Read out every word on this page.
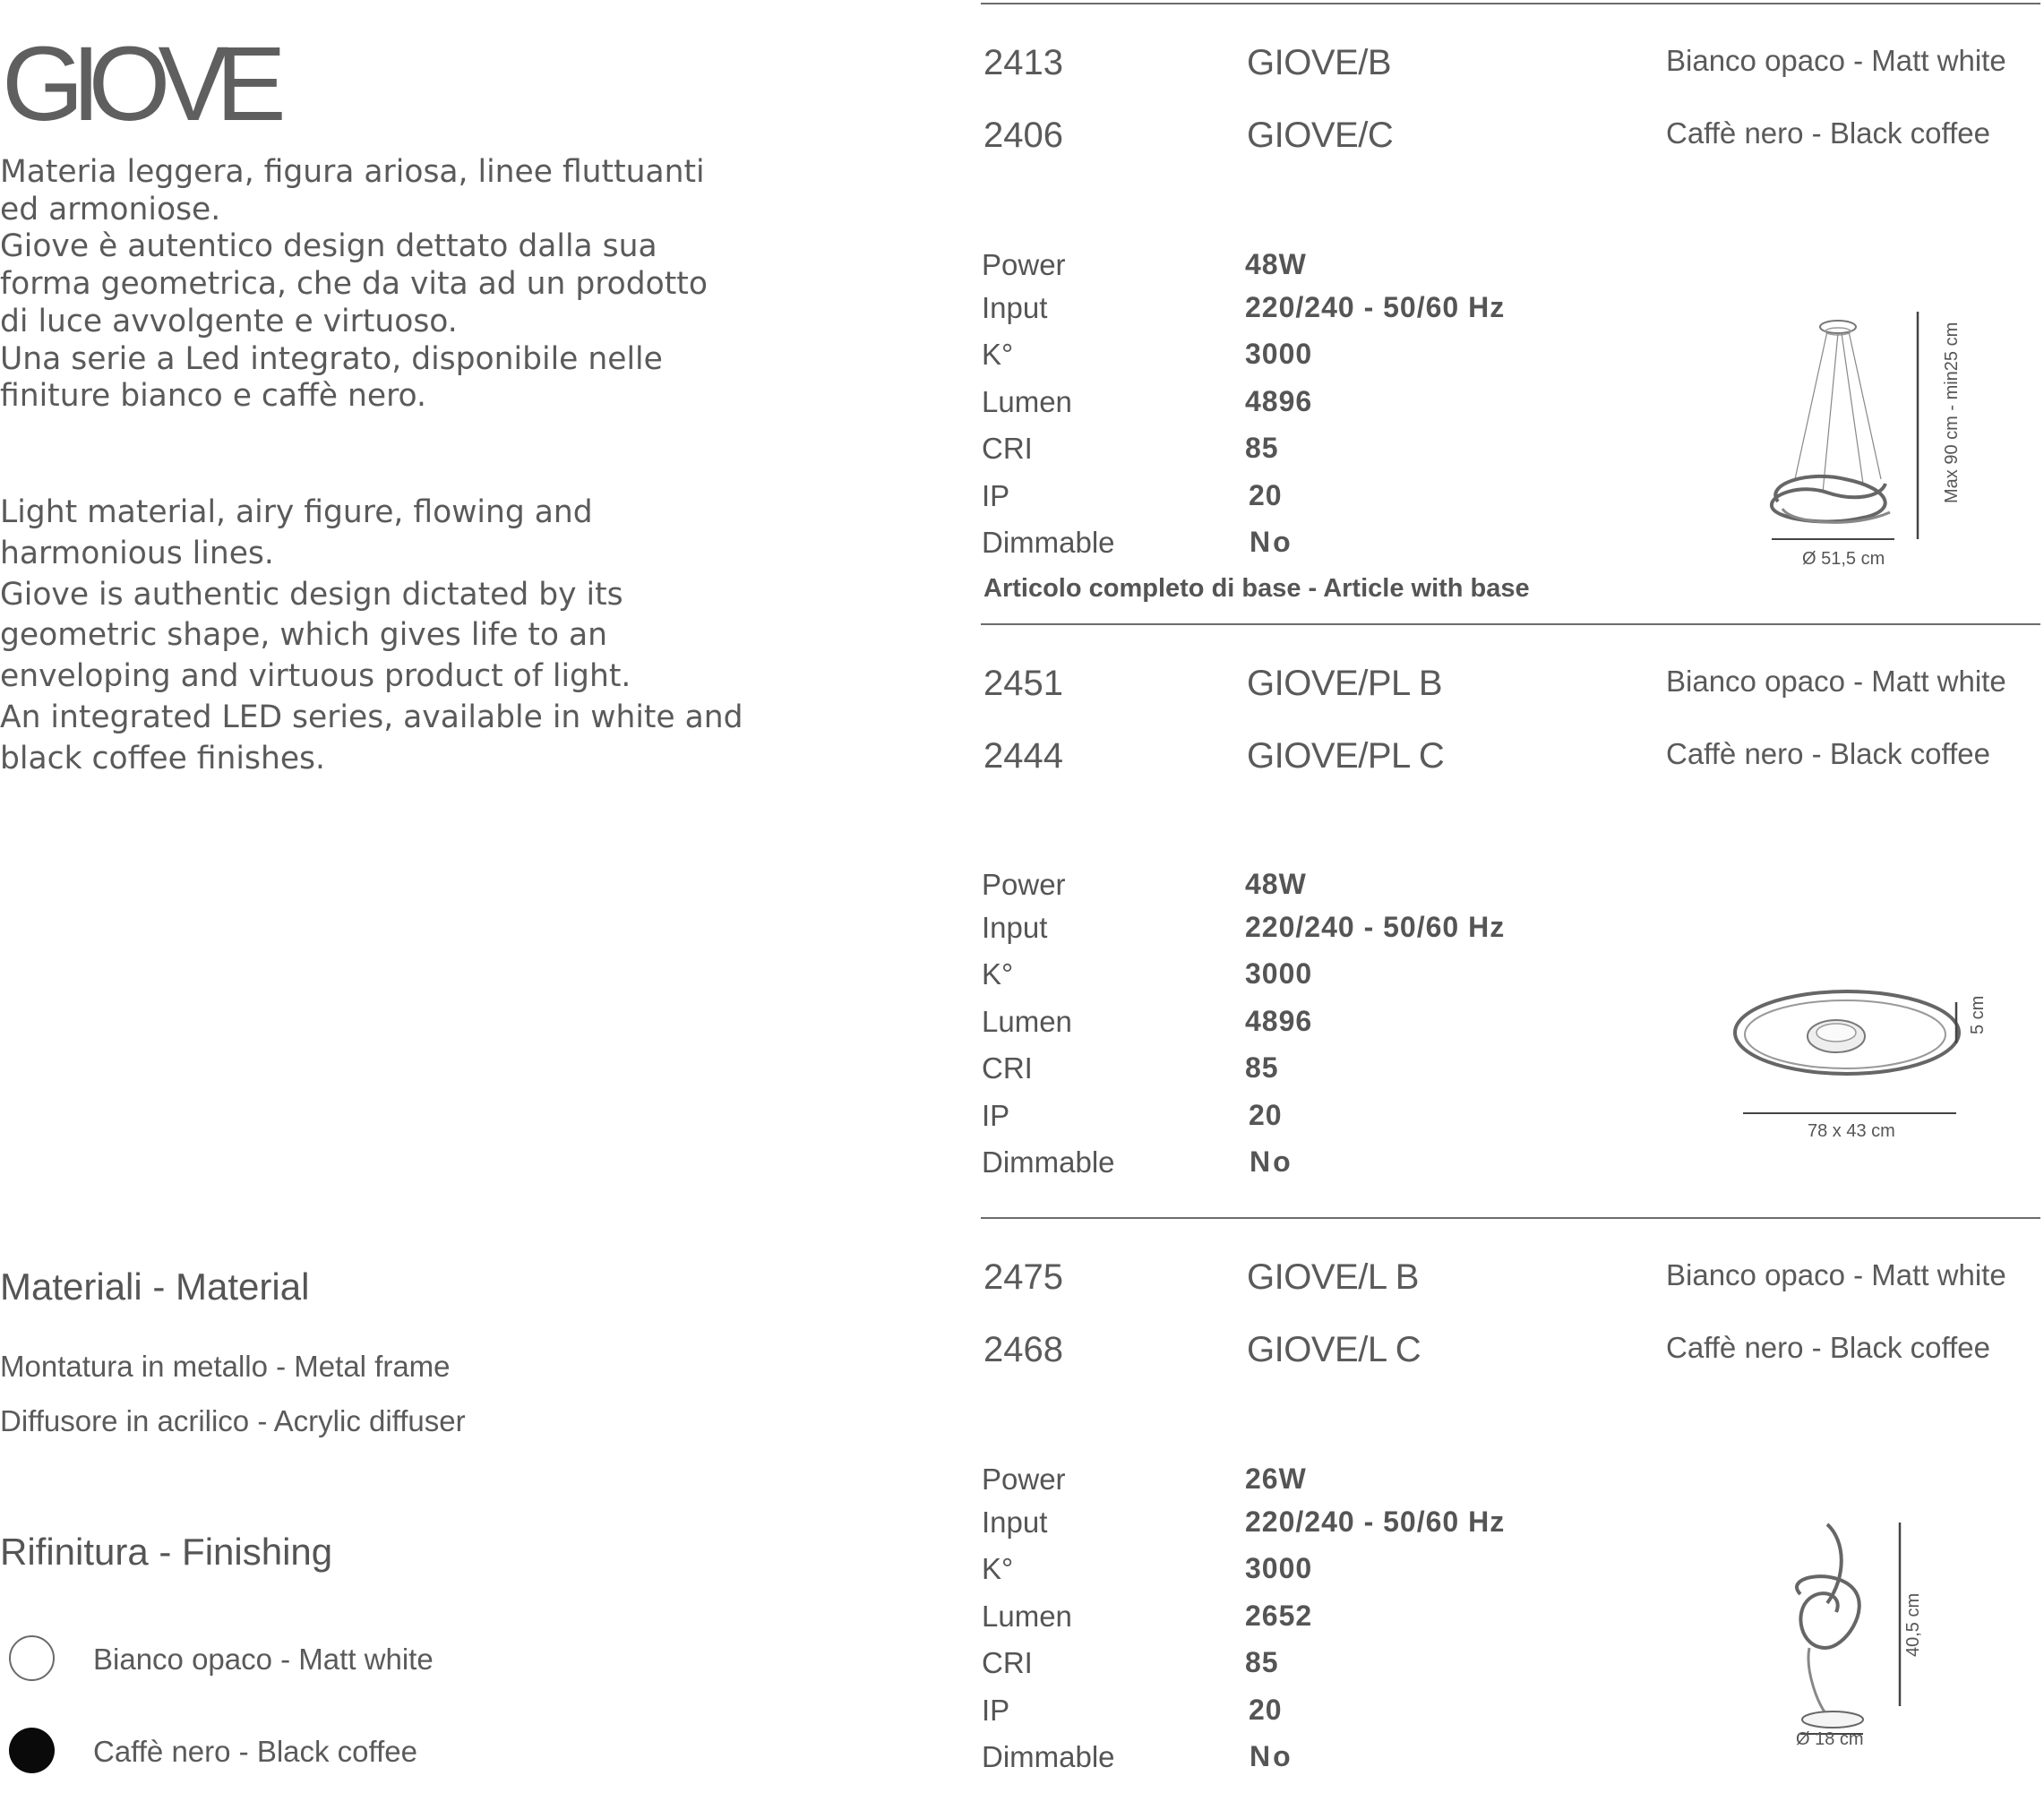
GIOVE

Materia leggera, figura ariosa, linee fluttuanti ed armoniose.

Giove è autentico design dettato dalla sua forma geometrica, che da vita ad un prodotto di luce avvolgente e virtuoso.

Una serie a Led integrato, disponibile nelle finiture bianco e caffè nero.

Light material, airy figure, flowing and harmonious lines.

Giove is authentic design dictated by its geometric shape, which gives life to an enveloping and virtuous product of light.

An integrated LED series, available in white and black coffee finishes.

Materiali - Material
Montatura in metallo - Metal frame
Diffusore in acrilico - Acrylic diffuser
Rifinitura - Finishing
Bianco opaco - Matt white
Caffè nero - Black coffee
2413	GIOVE/B	Bianco opaco - Matt white
2406	GIOVE/C	Caffè nero - Black coffee
Power	48W
Input	220/240 - 50/60 Hz
K°	3000
Lumen	4896
CRI	85
IP	20
Dimmable	No
Articolo completo di base - Article with base
Ø 51,5 cm
Max 90 cm - min25 cm
2451	GIOVE/PL B	Bianco opaco - Matt white
2444	GIOVE/PL C	Caffè nero - Black coffee
Power	48W
Input	220/240 - 50/60 Hz
K°	3000
Lumen	4896
CRI	85
IP	20
Dimmable	No
78 x 43 cm
5 cm
2475	GIOVE/L B	Bianco opaco - Matt white
2468	GIOVE/L C	Caffè nero - Black coffee
Power	26W
Input	220/240 - 50/60 Hz
K°	3000
Lumen	2652
CRI	85
IP	20
Dimmable	No
Ø 18 cm
40,5 cm
